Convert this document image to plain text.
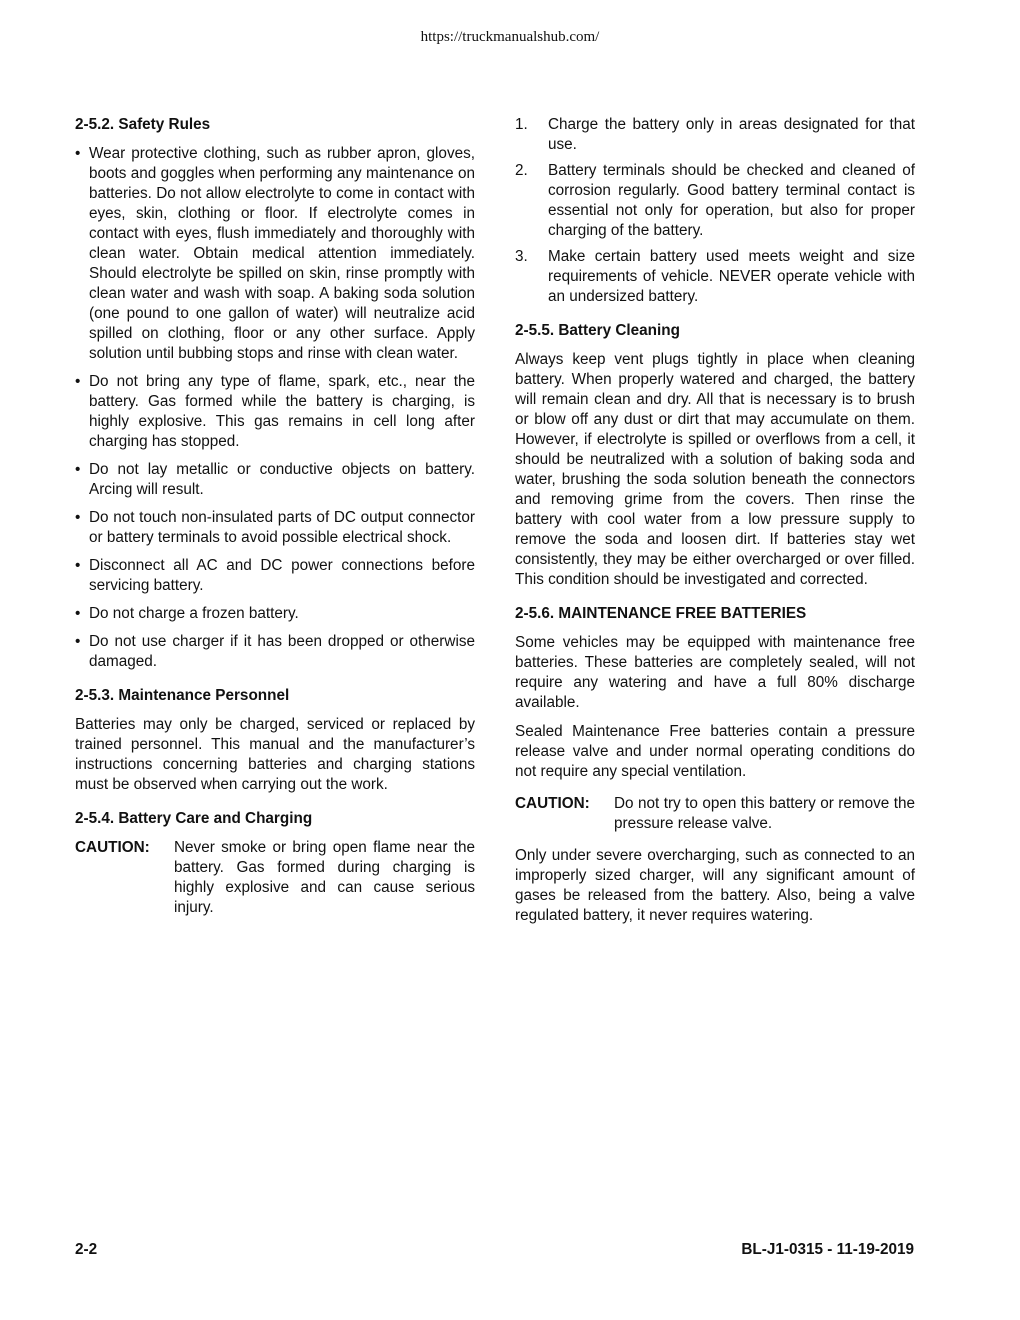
https://truckmanualshub.com/
2-5.2. Safety Rules
• Wear protective clothing, such as rubber apron, gloves, boots and goggles when performing any maintenance on batteries. Do not allow electrolyte to come in contact with eyes, skin, clothing or floor. If electrolyte comes in contact with eyes, flush immediately and thoroughly with clean water. Obtain medical attention immediately. Should electrolyte be spilled on skin, rinse promptly with clean water and wash with soap. A baking soda solution (one pound to one gallon of water) will neutralize acid spilled on clothing, floor or any other surface. Apply solution until bubbing stops and rinse with clean water.
• Do not bring any type of flame, spark, etc., near the battery. Gas formed while the battery is charging, is highly explosive. This gas remains in cell long after charging has stopped.
• Do not lay metallic or conductive objects on battery. Arcing will result.
• Do not touch non-insulated parts of DC output connector or battery terminals to avoid possible electrical shock.
• Disconnect all AC and DC power connections before servicing battery.
• Do not charge a frozen battery.
• Do not use charger if it has been dropped or otherwise damaged.
2-5.3. Maintenance Personnel
Batteries may only be charged, serviced or replaced by trained personnel. This manual and the manufacturer’s instructions concerning batteries and charging stations must be observed when carrying out the work.
2-5.4. Battery Care and Charging
CAUTION: Never smoke or bring open flame near the battery. Gas formed during charging is highly explosive and can cause serious injury.
1. Charge the battery only in areas designated for that use.
2. Battery terminals should be checked and cleaned of corrosion regularly. Good battery terminal contact is essential not only for operation, but also for proper charging of the battery.
3. Make certain battery used meets weight and size requirements of vehicle. NEVER operate vehicle with an undersized battery.
2-5.5. Battery Cleaning
Always keep vent plugs tightly in place when cleaning battery. When properly watered and charged, the battery will remain clean and dry. All that is necessary is to brush or blow off any dust or dirt that may accumulate on them. However, if electrolyte is spilled or overflows from a cell, it should be neutralized with a solution of baking soda and water, brushing the soda solution beneath the connectors and removing grime from the covers. Then rinse the battery with cool water from a low pressure supply to remove the soda and loosen dirt. If batteries stay wet consistently, they may be either overcharged or over filled. This condition should be investigated and corrected.
2-5.6. MAINTENANCE FREE BATTERIES
Some vehicles may be equipped with maintenance free batteries. These batteries are completely sealed, will not require any watering and have a full 80% discharge available.
Sealed Maintenance Free batteries contain a pressure release valve and under normal operating conditions do not require any special ventilation.
CAUTION: Do not try to open this battery or remove the pressure release valve.
Only under severe overcharging, such as connected to an improperly sized charger, will any significant amount of gases be released from the battery. Also, being a valve regulated battery, it never requires watering.
2-2	BL-J1-0315 - 11-19-2019
